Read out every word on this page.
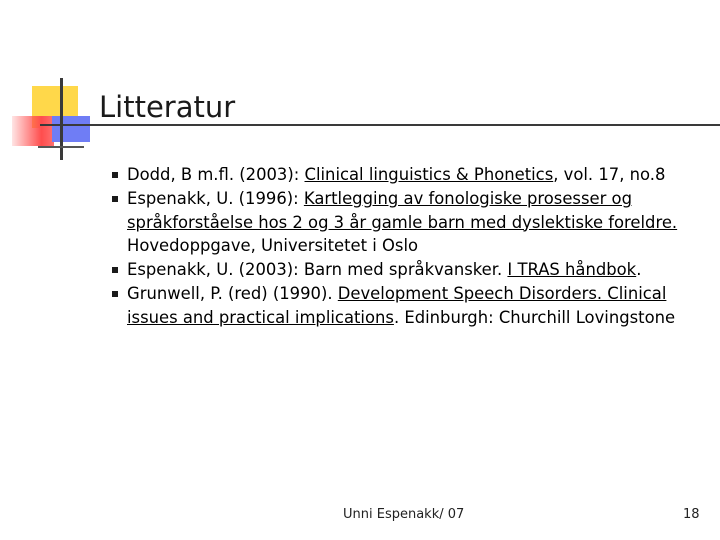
Litteratur
Dodd, B m.fl. (2003): Clinical linguistics & Phonetics, vol. 17, no.8
Espenakk, U. (1996): Kartlegging av fonologiske prosesser og språkforståelse hos 2 og 3 år gamle barn med dyslektiske foreldre. Hovedoppgave, Universitetet i Oslo
Espenakk, U. (2003): Barn med språkvansker. I TRAS håndbok.
Grunwell, P. (red) (1990). Development Speech Disorders. Clinical issues and practical implications. Edinburgh: Churchill Lovingstone
Unni Espenakk/ 07	18
